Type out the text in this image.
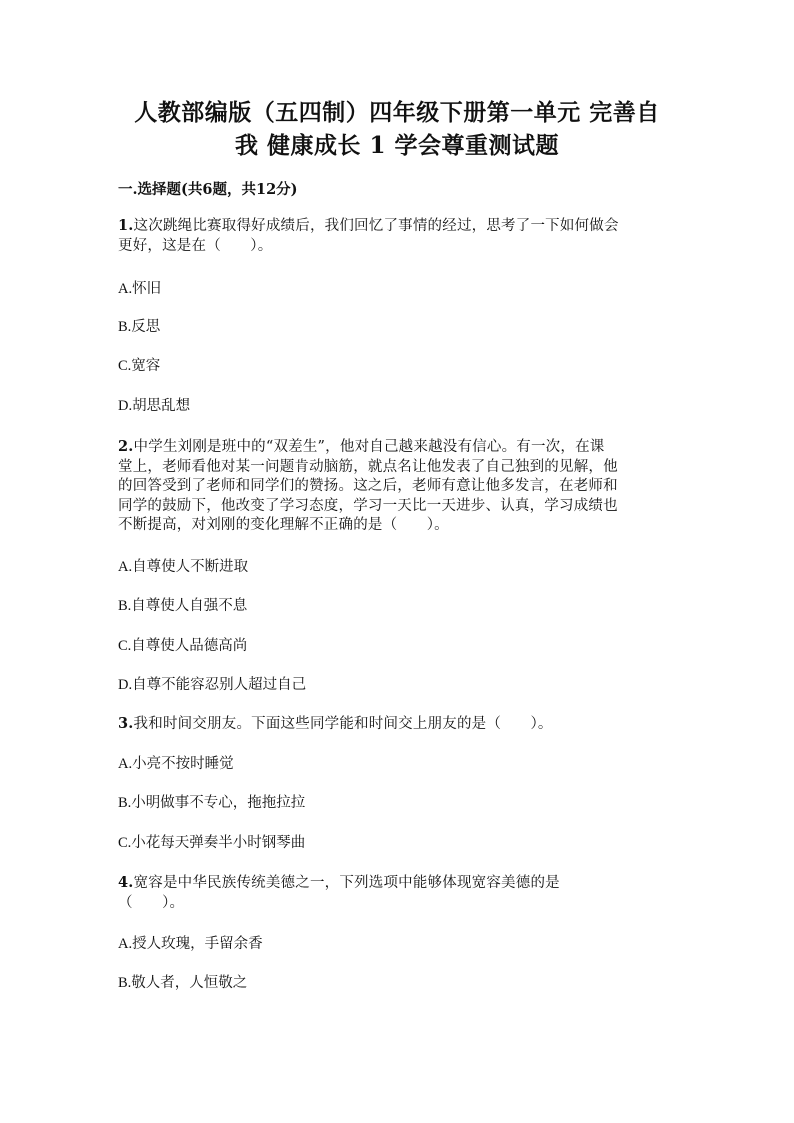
人教部编版（五四制）四年级下册第一单元 完善自
我 健康成长 1 学会尊重测试题
一.选择题(共6题，共12分)
1.这次跳绳比赛取得好成绩后，我们回忆了事情的经过，思考了一下如何做会
更好，这是在（　　）。
A.怀旧
B.反思
C.宽容
D.胡思乱想
2.中学生刘刚是班中的“双差生”，他对自己越来越没有信心。有一次，在课
堂上，老师看他对某一问题肯动脑筋，就点名让他发表了自己独到的见解，他
的回答受到了老师和同学们的赞扬。这之后，老师有意让他多发言，在老师和
同学的鼓励下，他改变了学习态度，学习一天比一天进步、认真，学习成绩也
不断提高，对刘刚的变化理解不正确的是（　　）。
A.自尊使人不断进取
B.自尊使人自强不息
C.自尊使人品德高尚
D.自尊不能容忍别人超过自己
3.我和时间交朋友。下面这些同学能和时间交上朋友的是（　　）。
A.小亮不按时睡觉
B.小明做事不专心，拖拖拉拉
C.小花每天弹奏半小时钢琴曲
4.宽容是中华民族传统美德之一，下列选项中能够体现宽容美德的是
（　　）。
A.授人玫瑰，手留余香
B.敬人者，人恒敬之
